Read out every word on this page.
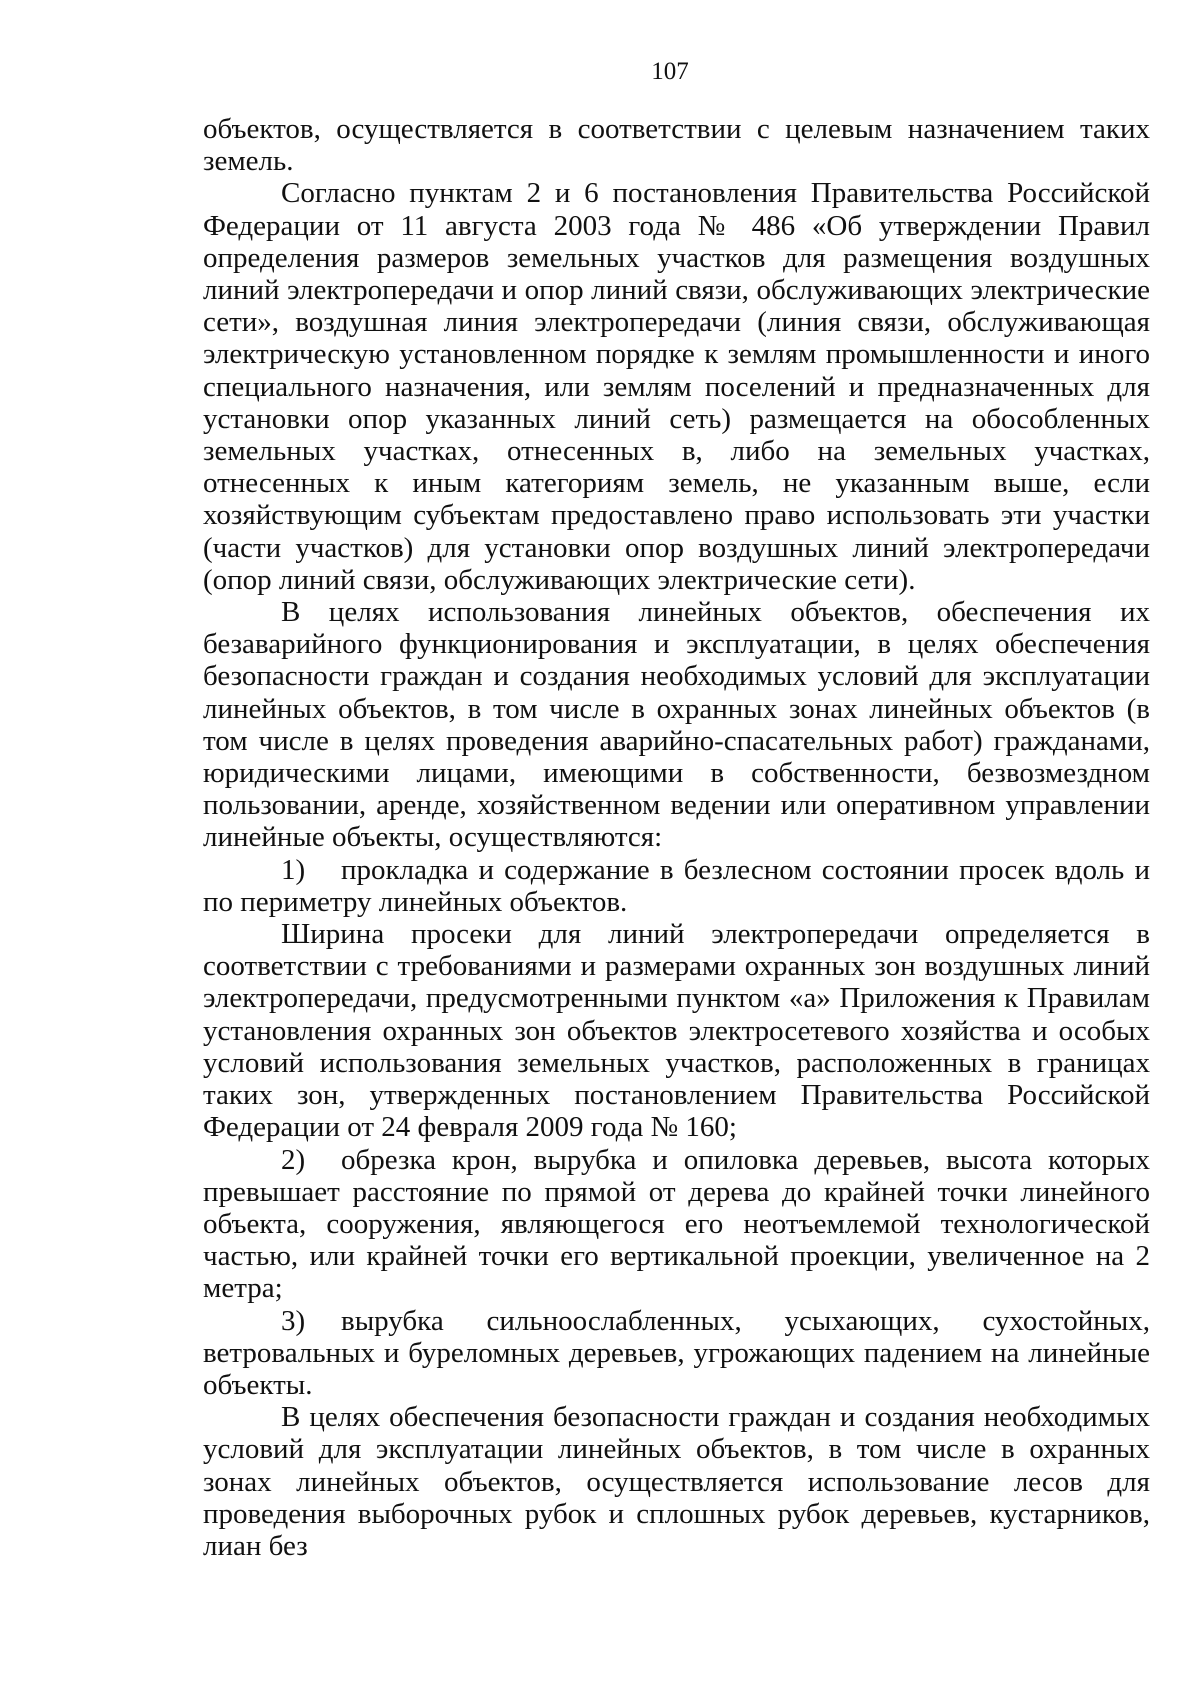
107

объектов, осуществляется в соответствии с целевым назначением таких земель.

Согласно пунктам 2 и 6 постановления Правительства Российской Федерации от 11 августа 2003 года № 486 «Об утверждении Правил определения размеров земельных участков для размещения воздушных линий электропередачи и опор линий связи, обслуживающих электрические сети», воздушная линия электропередачи (линия связи, обслуживающая электрическую установленном порядке к землям промышленности и иного специального назначения, или землям поселений и предназначенных для установки опор указанных линий сеть) размещается на обособленных земельных участках, отнесенных в, либо на земельных участках, отнесенных к иным категориям земель, не указанным выше, если хозяйствующим субъектам предоставлено право использовать эти участки (части участков) для установки опор воздушных линий электропередачи (опор линий связи, обслуживающих электрические сети).

В целях использования линейных объектов, обеспечения их безаварийного функционирования и эксплуатации, в целях обеспечения безопасности граждан и создания необходимых условий для эксплуатации линейных объектов, в том числе в охранных зонах линейных объектов (в том числе в целях проведения аварийно-спасательных работ) гражданами, юридическими лицами, имеющими в собственности, безвозмездном пользовании, аренде, хозяйственном ведении или оперативном управлении линейные объекты, осуществляются:

1) прокладка и содержание в безлесном состоянии просек вдоль и по периметру линейных объектов.

Ширина просеки для линий электропередачи определяется в соответствии с требованиями и размерами охранных зон воздушных линий электропередачи, предусмотренными пунктом «а» Приложения к Правилам установления охранных зон объектов электросетевого хозяйства и особых условий использования земельных участков, расположенных в границах таких зон, утвержденных постановлением Правительства Российской Федерации от 24 февраля 2009 года № 160;

2) обрезка крон, вырубка и опиловка деревьев, высота которых превышает расстояние по прямой от дерева до крайней точки линейного объекта, сооружения, являющегося его неотъемлемой технологической частью, или крайней точки его вертикальной проекции, увеличенное на 2 метра;

3) вырубка сильноослабленных, усыхающих, сухостойных, ветровальных и буреломных деревьев, угрожающих падением на линейные объекты.

В целях обеспечения безопасности граждан и создания необходимых условий для эксплуатации линейных объектов, в том числе в охранных зонах линейных объектов, осуществляется использование лесов для проведения выборочных рубок и сплошных рубок деревьев, кустарников, лиан без
